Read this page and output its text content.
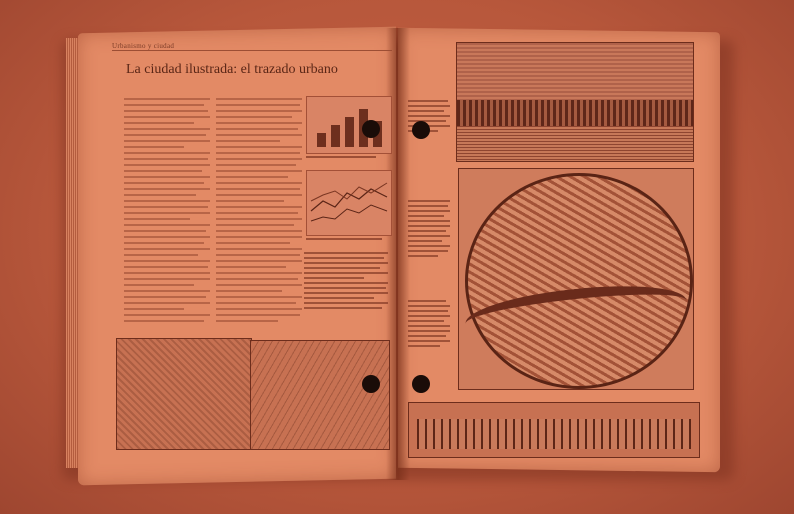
Urbanismo y ciudad
La ciudad ilustrada: el trazado urbano
